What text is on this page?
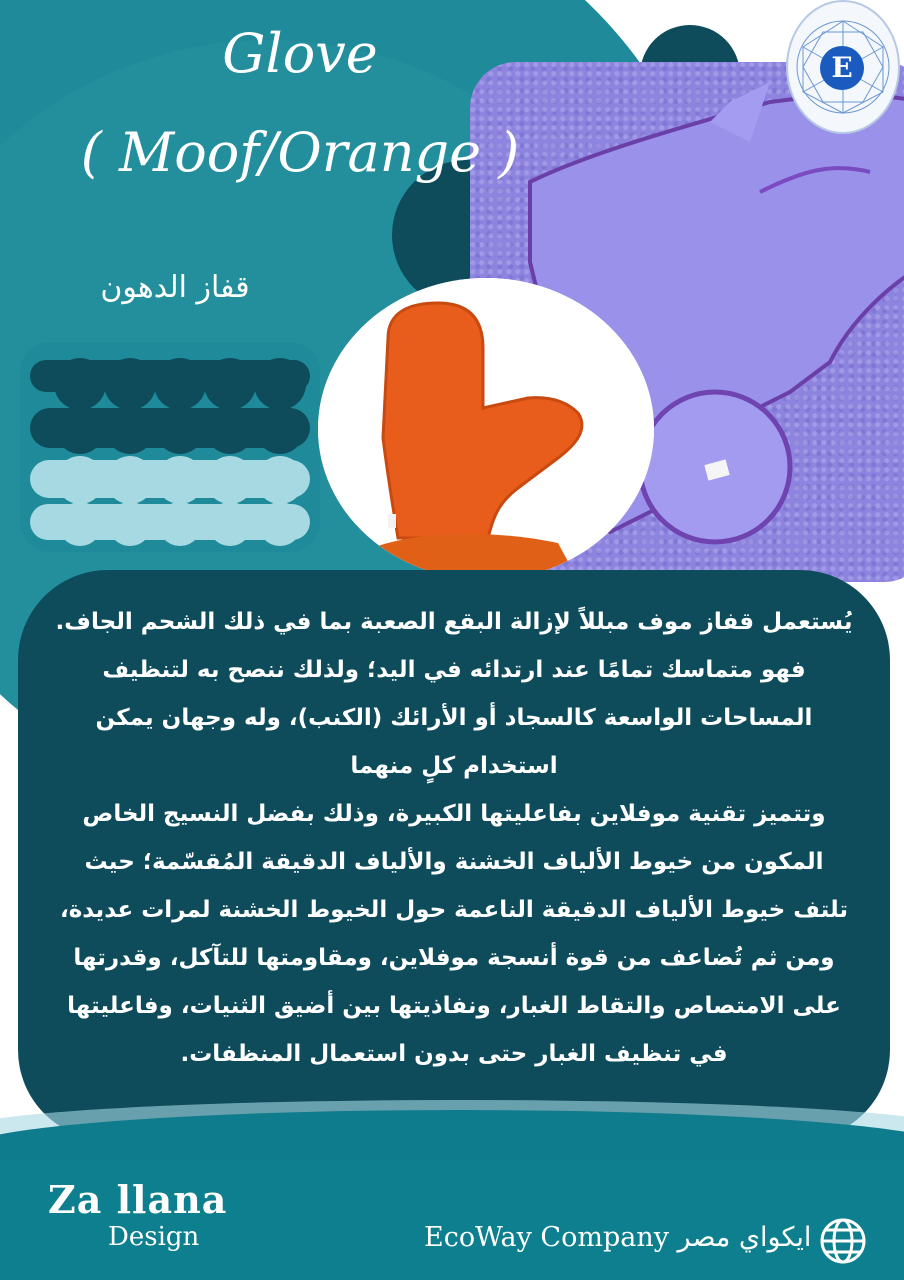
E
Glove
( Moof/Orange )
قفاز الدهون

يُستعمل قفاز موف مبللاً لإزالة البقع الصعبة بما في ذلك الشحم الجاف.

فهو متماسك تمامًا عند ارتدائه في اليد؛ ولذلك ننصح به لتنظيف المساحات الواسعة كالسجاد أو الأرائك (الكنب)، وله وجهان يمكن استخدام كلٍ منهما

وتتميز تقنية موفلاين بفاعليتها الكبيرة، وذلك بفضل النسيج الخاص المكون من خيوط الألياف الخشنة والألياف الدقيقة المُقسّمة؛ حيث تلتف خيوط الألياف الدقيقة الناعمة حول الخيوط الخشنة لمرات عديدة، ومن ثم تُضاعف من قوة أنسجة موفلاين، ومقاومتها للتآكل، وقدرتها على الامتصاص والتقاط الغبار، ونفاذيتها بين أضيق الثنيات، وفاعليتها في تنظيف الغبار حتى بدون استعمال المنظفات.

Za llana
Design	EcoWay Company ايكواي مصر
